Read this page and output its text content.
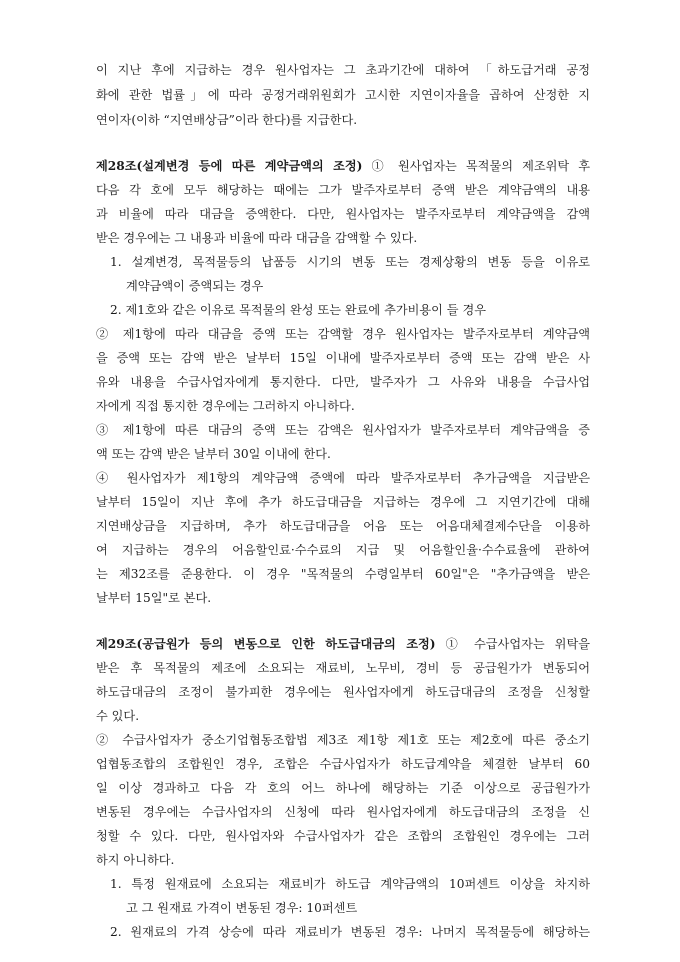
이 지난 후에 지급하는 경우 원사업자는 그 초과기간에 대하여 「하도급거래 공정
화에 관한 법률」에 따라 공정거래위원회가 고시한 지연이자율을 곱하여 산정한 지
연이자(이하 “지연배상금”이라 한다)를 지급한다.
제28조(설계변경 등에 따른 계약금액의 조정) ① 원사업자는 목적물의 제조위탁 후
다음 각 호에 모두 해당하는 때에는 그가 발주자로부터 증액 받은 계약금액의 내용
과 비율에 따라 대금을 증액한다. 다만, 원사업자는 발주자로부터 계약금액을 감액
받은 경우에는 그 내용과 비율에 따라 대금을 감액할 수 있다.
1. 설계변경, 목적물등의 납품등 시기의 변동 또는 경제상황의 변동 등을 이유로
계약금액이 증액되는 경우
2. 제1호와 같은 이유로 목적물의 완성 또는 완료에 추가비용이 들 경우
② 제1항에 따라 대금을 증액 또는 감액할 경우 원사업자는 발주자로부터 계약금액
을 증액 또는 감액 받은 날부터 15일 이내에 발주자로부터 증액 또는 감액 받은 사
유와 내용을 수급사업자에게 통지한다. 다만, 발주자가 그 사유와 내용을 수급사업
자에게 직접 통지한 경우에는 그러하지 아니하다.
③ 제1항에 따른 대금의 증액 또는 감액은 원사업자가 발주자로부터 계약금액을 증
액 또는 감액 받은 날부터 30일 이내에 한다.
④ 원사업자가 제1항의 계약금액 증액에 따라 발주자로부터 추가금액을 지급받은
날부터 15일이 지난 후에 추가 하도급대금을 지급하는 경우에 그 지연기간에 대해
지연배상금을 지급하며, 추가 하도급대금을 어음 또는 어음대체결제수단을 이용하
여 지급하는 경우의 어음할인료·수수료의 지급 및 어음할인율·수수료율에 관하여
는 제32조를 준용한다. 이 경우 "목적물의 수령일부터 60일"은 "추가금액을 받은
날부터 15일"로 본다.
제29조(공급원가 등의 변동으로 인한 하도급대금의 조정) ① 수급사업자는 위탁을
받은 후 목적물의 제조에 소요되는 재료비, 노무비, 경비 등 공급원가가 변동되어
하도급대금의 조정이 불가피한 경우에는 원사업자에게 하도급대금의 조정을 신청할
수 있다.
② 수급사업자가 중소기업협동조합법 제3조 제1항 제1호 또는 제2호에 따른 중소기
업협동조합의 조합원인 경우, 조합은 수급사업자가 하도급계약을 체결한 날부터 60
일 이상 경과하고 다음 각 호의 어느 하나에 해당하는 기준 이상으로 공급원가가
변동된 경우에는 수급사업자의 신청에 따라 원사업자에게 하도급대금의 조정을 신
청할 수 있다. 다만, 원사업자와 수급사업자가 같은 조합의 조합원인 경우에는 그러
하지 아니하다.
1. 특정 원재료에 소요되는 재료비가 하도급 계약금액의 10퍼센트 이상을 차지하
고 그 원재료 가격이 변동된 경우: 10퍼센트
2. 원재료의 가격 상승에 따라 재료비가 변동된 경우: 나머지 목적물등에 해당하는
